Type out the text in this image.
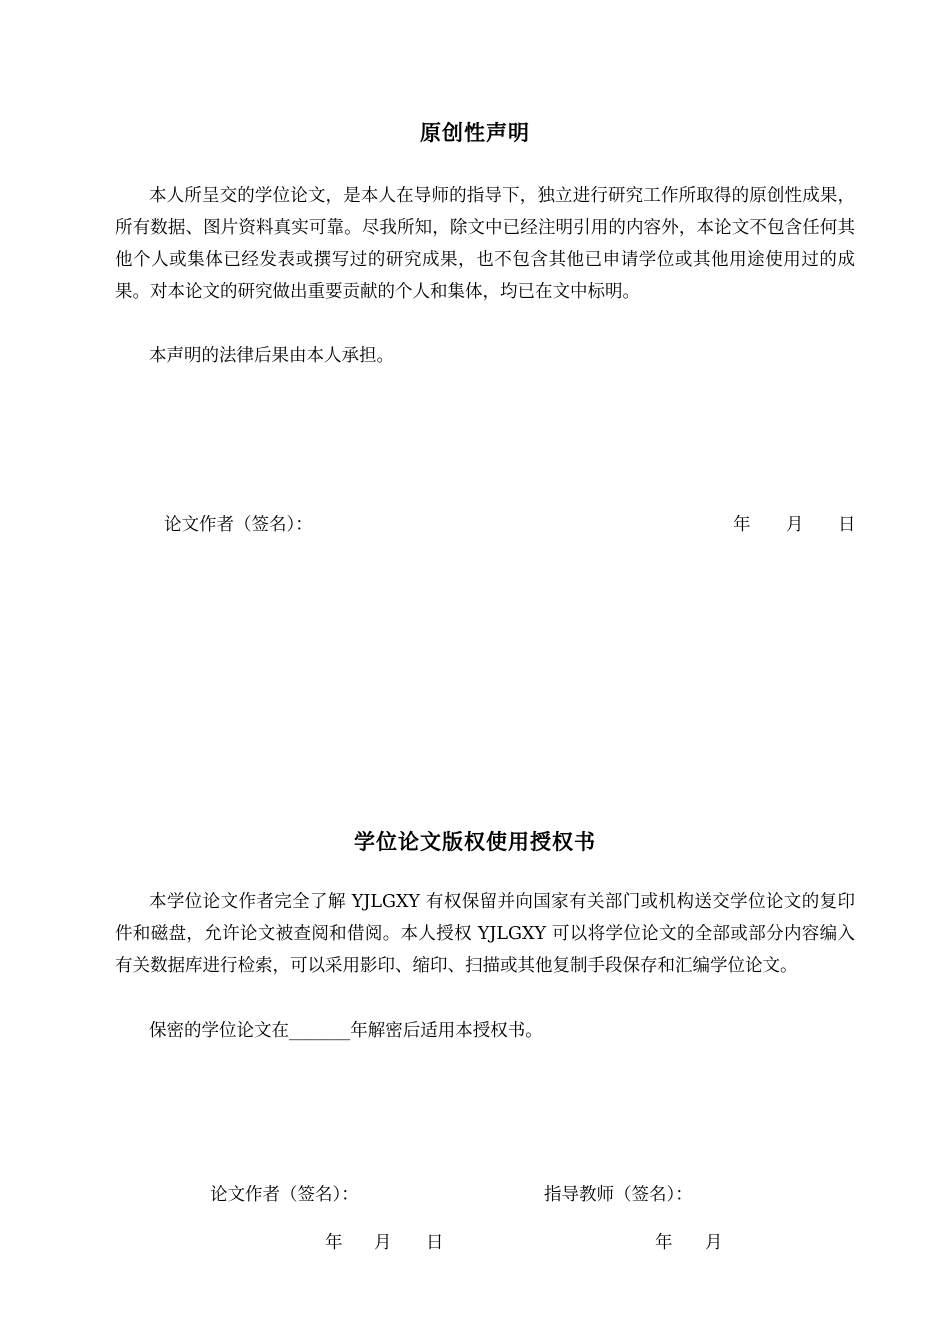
原创性声明
本人所呈交的学位论文，是本人在导师的指导下，独立进行研究工作所取得的原创性成果，所有数据、图片资料真实可靠。尽我所知，除文中已经注明引用的内容外，本论文不包含任何其他个人或集体已经发表或撰写过的研究成果，也不包含其他已申请学位或其他用途使用过的成果。对本论文的研究做出重要贡献的个人和集体，均已在文中标明。
本声明的法律后果由本人承担。
论文作者（签名）：	年 月 日
学位论文版权使用授权书
本学位论文作者完全了解 YJLGXY 有权保留并向国家有关部门或机构送交学位论文的复印件和磁盘，允许论文被查阅和借阅。本人授权 YJLGXY 可以将学位论文的全部或部分内容编入有关数据库进行检索，可以采用影印、缩印、扫描或其他复制手段保存和汇编学位论文。
保密的学位论文在_______年解密后适用本授权书。
论文作者（签名）：	指导教师（签名）：
年 月 日	年 月
